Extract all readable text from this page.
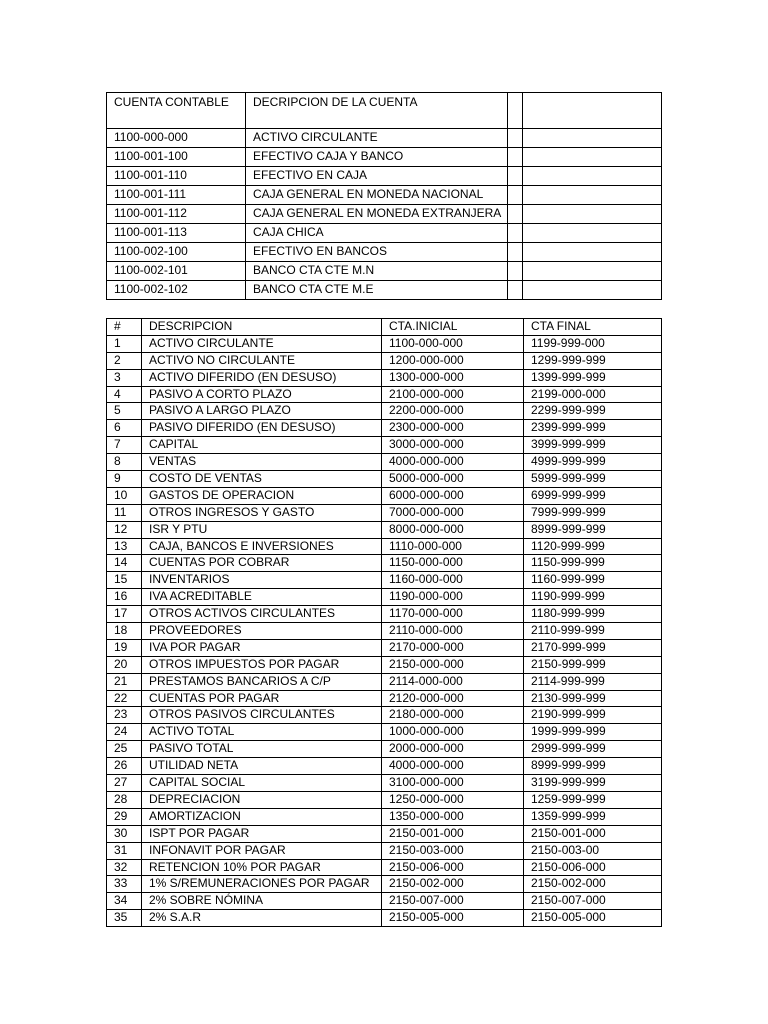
CUENTA CONTABLE	DECRIPCION DE LA CUENTA		
1100-000-000	ACTIVO CIRCULANTE		
1100-001-100	EFECTIVO CAJA Y BANCO		
1100-001-110	EFECTIVO EN CAJA		
1100-001-111	CAJA GENERAL EN MONEDA NACIONAL		
1100-001-112	CAJA GENERAL EN MONEDA EXTRANJERA		
1100-001-113	CAJA CHICA		
1100-002-100	EFECTIVO EN BANCOS		
1100-002-101	BANCO CTA CTE M.N		
1100-002-102	BANCO CTA CTE M.E		
#	DESCRIPCION	CTA.INICIAL	CTA FINAL
1	ACTIVO CIRCULANTE	1100-000-000	1199-999-000
2	ACTIVO NO CIRCULANTE	1200-000-000	1299-999-999
3	ACTIVO DIFERIDO (EN DESUSO)	1300-000-000	1399-999-999
4	PASIVO A CORTO PLAZO	2100-000-000	2199-000-000
5	PASIVO A LARGO PLAZO	2200-000-000	2299-999-999
6	PASIVO DIFERIDO (EN DESUSO)	2300-000-000	2399-999-999
7	CAPITAL	3000-000-000	3999-999-999
8	VENTAS	4000-000-000	4999-999-999
9	COSTO DE VENTAS	5000-000-000	5999-999-999
10	GASTOS DE OPERACION	6000-000-000	6999-999-999
11	OTROS INGRESOS Y GASTO	7000-000-000	7999-999-999
12	ISR Y PTU	8000-000-000	8999-999-999
13	CAJA, BANCOS E INVERSIONES	1110-000-000	1120-999-999
14	CUENTAS POR COBRAR	1150-000-000	1150-999-999
15	INVENTARIOS	1160-000-000	1160-999-999
16	IVA ACREDITABLE	1190-000-000	1190-999-999
17	OTROS ACTIVOS CIRCULANTES	1170-000-000	1180-999-999
18	PROVEEDORES	2110-000-000	2110-999-999
19	IVA POR PAGAR	2170-000-000	2170-999-999
20	OTROS IMPUESTOS POR PAGAR	2150-000-000	2150-999-999
21	PRESTAMOS BANCARIOS A C/P	2114-000-000	2114-999-999
22	CUENTAS POR PAGAR	2120-000-000	2130-999-999
23	OTROS PASIVOS CIRCULANTES	2180-000-000	2190-999-999
24	ACTIVO TOTAL	1000-000-000	1999-999-999
25	PASIVO TOTAL	2000-000-000	2999-999-999
26	UTILIDAD NETA	4000-000-000	8999-999-999
27	CAPITAL SOCIAL	3100-000-000	3199-999-999
28	DEPRECIACION	1250-000-000	1259-999-999
29	AMORTIZACION	1350-000-000	1359-999-999
30	ISPT POR PAGAR	2150-001-000	2150-001-000
31	INFONAVIT POR PAGAR	2150-003-000	2150-003-00
32	RETENCION 10% POR PAGAR	2150-006-000	2150-006-000
33	1% S/REMUNERACIONES POR PAGAR	2150-002-000	2150-002-000
34	2% SOBRE NÓMINA	2150-007-000	2150-007-000
35	2% S.A.R	2150-005-000	2150-005-000
